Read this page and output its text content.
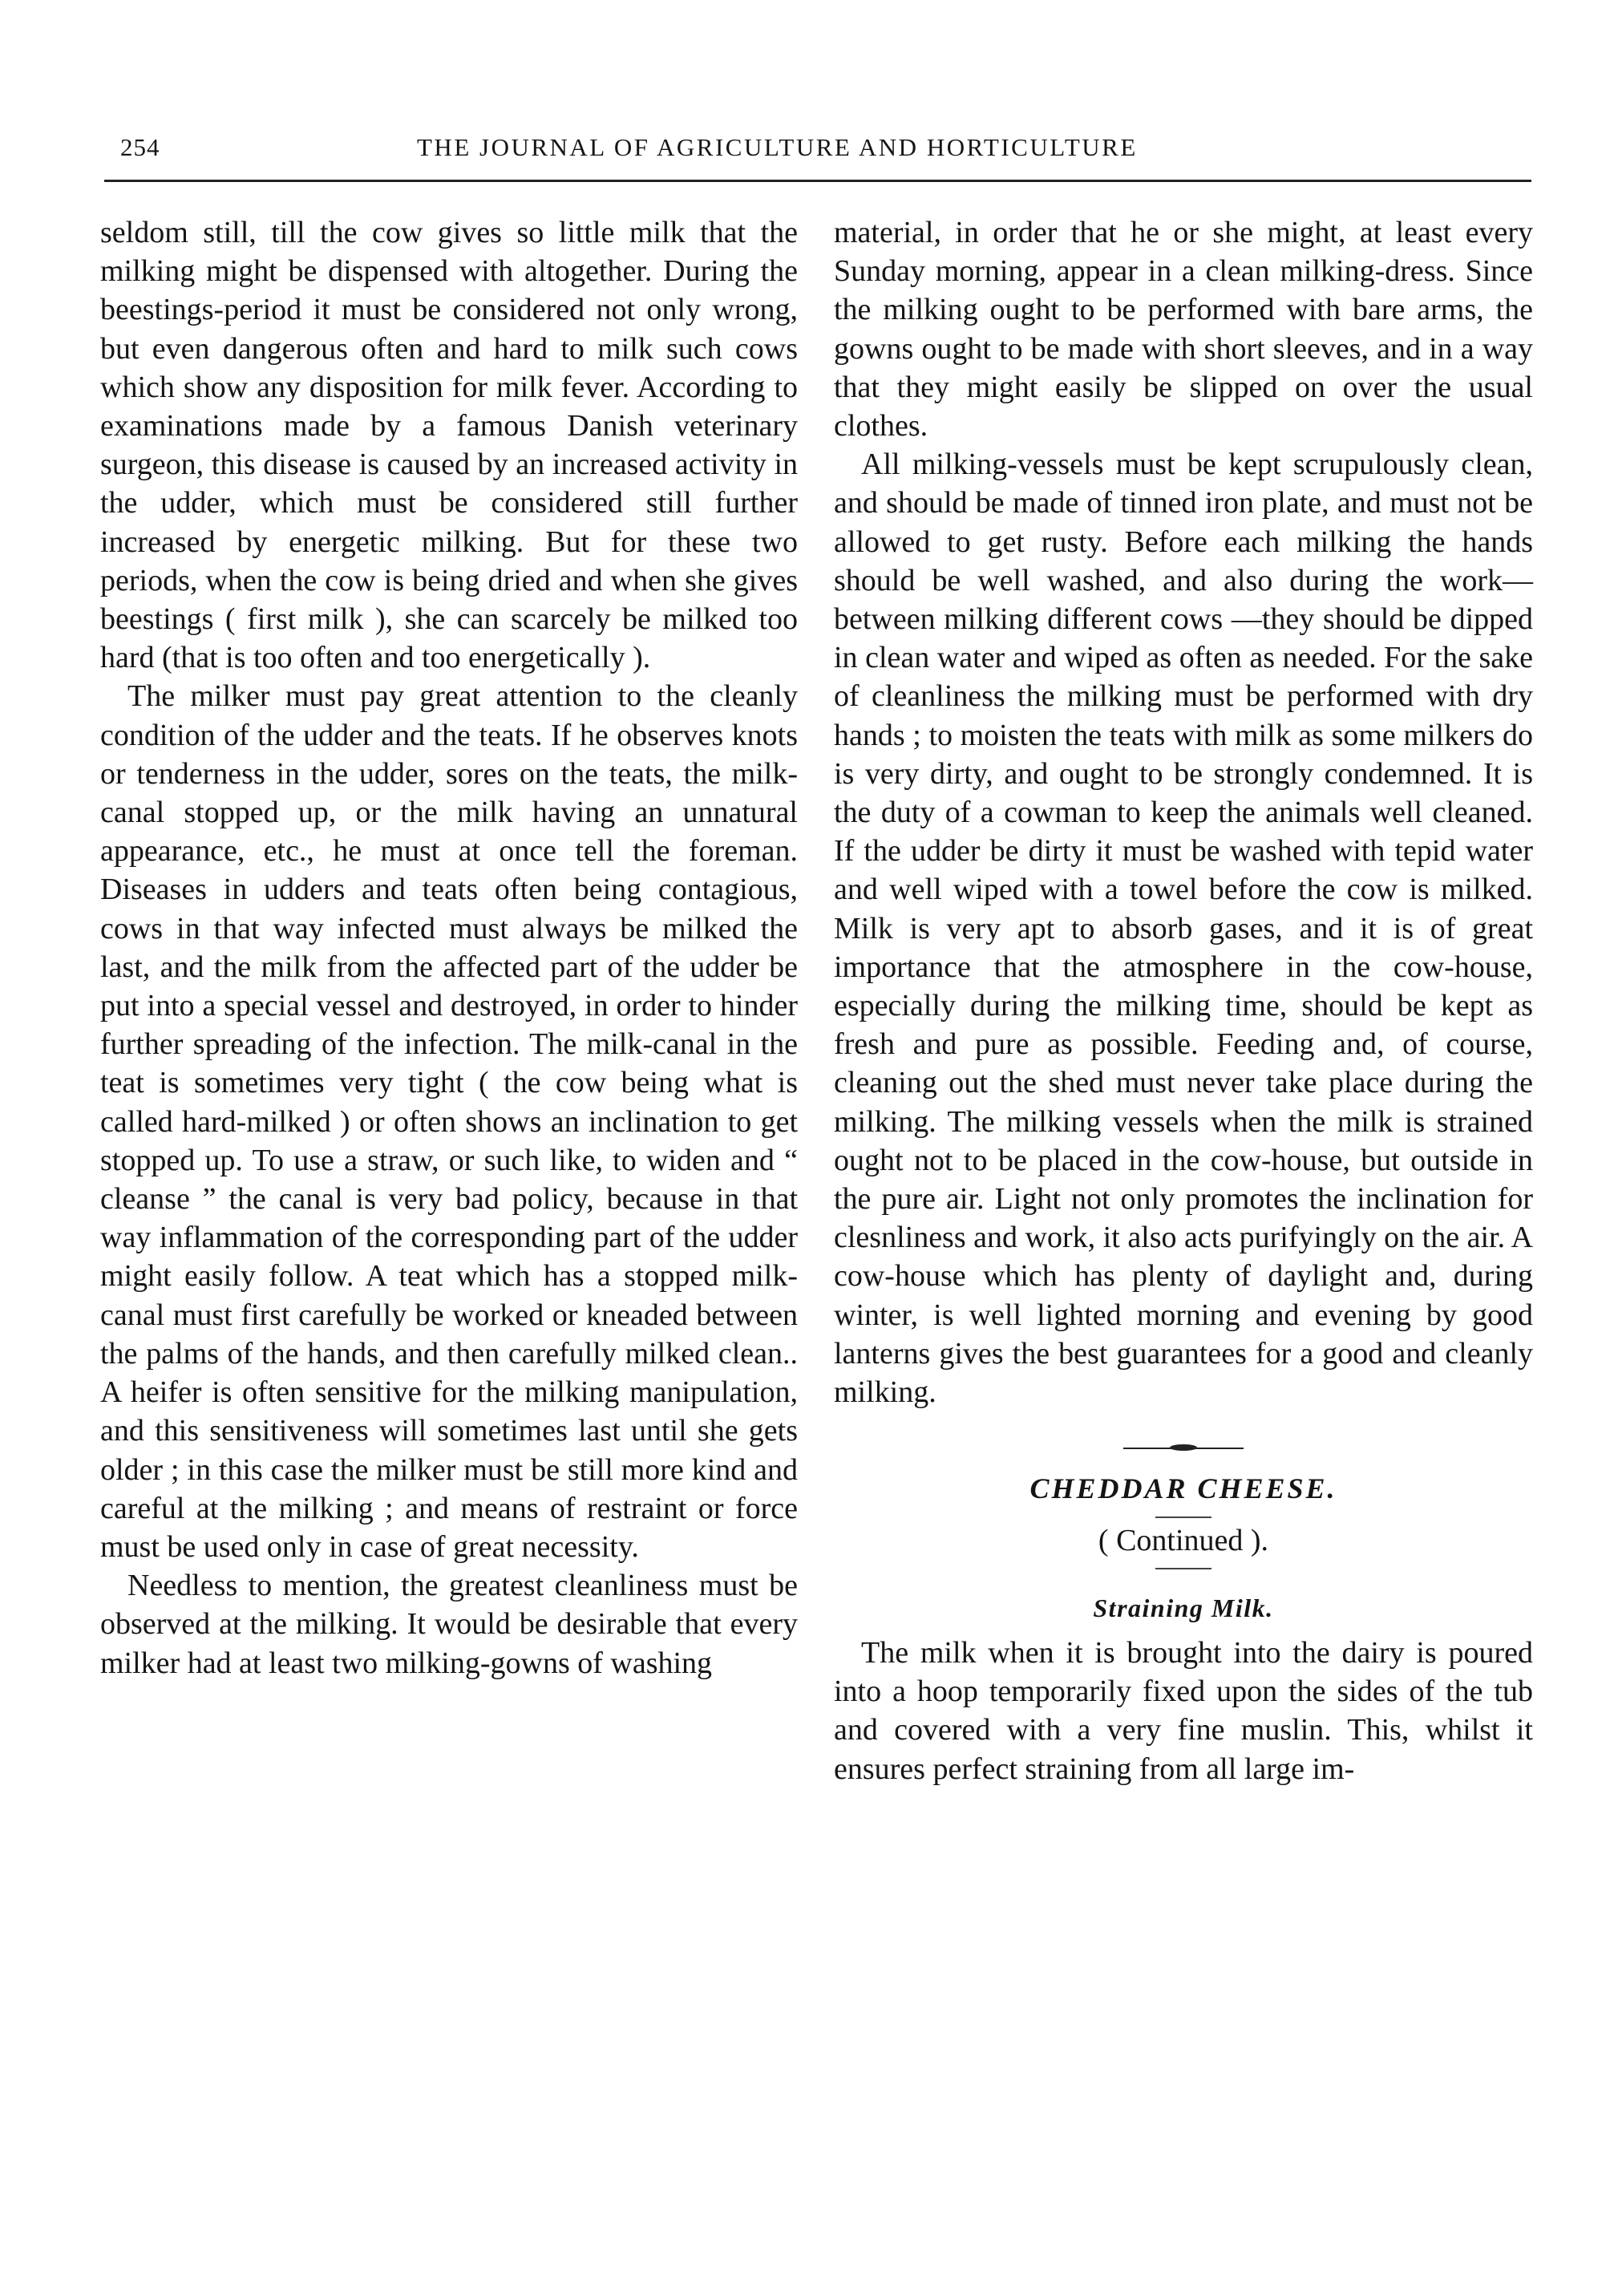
254	THE JOURNAL OF AGRICULTURE AND HORTICULTURE

seldom still, till the cow gives so little milk that the milking might be dispensed with altogether. During the beestings-period it must be considered not only wrong, but even dangerous often and hard to milk such cows which show any disposition for milk fever. According to examinations made by a famous Danish veterinary surgeon, this disease is caused by an increased activity in the udder, which must be considered still further increased by energetic milking. But for these two periods, when the cow is being dried and when she gives beestings ( first milk ), she can scarcely be milked too hard (that is too often and too energetically ).

The milker must pay great attention to the cleanly condition of the udder and the teats. If he observes knots or tenderness in the udder, sores on the teats, the milk-canal stopped up, or the milk having an unnatural appearance, etc., he must at once tell the foreman. Diseases in udders and teats often being contagious, cows in that way infected must always be milked the last, and the milk from the affected part of the udder be put into a special vessel and destroyed, in order to hinder further spreading of the infection. The milk-canal in the teat is sometimes very tight ( the cow being what is called hard-milked ) or often shows an inclination to get stopped up. To use a straw, or such like, to widen and “ cleanse ” the canal is very bad policy, because in that way inflammation of the corresponding part of the udder might easily follow. A teat which has a stopped milk-canal must first carefully be worked or kneaded between the palms of the hands, and then carefully milked clean.. A heifer is often sensitive for the milking manipulation, and this sensitiveness will sometimes last until she gets older ; in this case the milker must be still more kind and careful at the milking ; and means of restraint or force must be used only in case of great necessity.

Needless to mention, the greatest cleanliness must be observed at the milking. It would be desirable that every milker had at least two milking-gowns of washing

material, in order that he or she might, at least every Sunday morning, appear in a clean milking-dress. Since the milking ought to be performed with bare arms, the gowns ought to be made with short sleeves, and in a way that they might easily be slipped on over the usual clothes.

All milking-vessels must be kept scrupulously clean, and should be made of tinned iron plate, and must not be allowed to get rusty. Before each milking the hands should be well washed, and also during the work—between milking different cows —they should be dipped in clean water and wiped as often as needed. For the sake of cleanliness the milking must be performed with dry hands ; to moisten the teats with milk as some milkers do is very dirty, and ought to be strongly condemned. It is the duty of a cowman to keep the animals well cleaned. If the udder be dirty it must be washed with tepid water and well wiped with a towel before the cow is milked. Milk is very apt to absorb gases, and it is of great importance that the atmosphere in the cow-house, especially during the milking time, should be kept as fresh and pure as possible. Feeding and, of course, cleaning out the shed must never take place during the milking. The milking vessels when the milk is strained ought not to be placed in the cow-house, but outside in the pure air. Light not only promotes the inclination for clesnliness and work, it also acts purifyingly on the air. A cow-house which has plenty of daylight and, during winter, is well lighted morning and evening by good lanterns gives the best guarantees for a good and cleanly milking.

CHEDDAR CHEESE.
( Continued ).
Straining Milk.

The milk when it is brought into the dairy is poured into a hoop temporarily fixed upon the sides of the tub and covered with a very fine muslin. This, whilst it ensures perfect straining from all large im-
